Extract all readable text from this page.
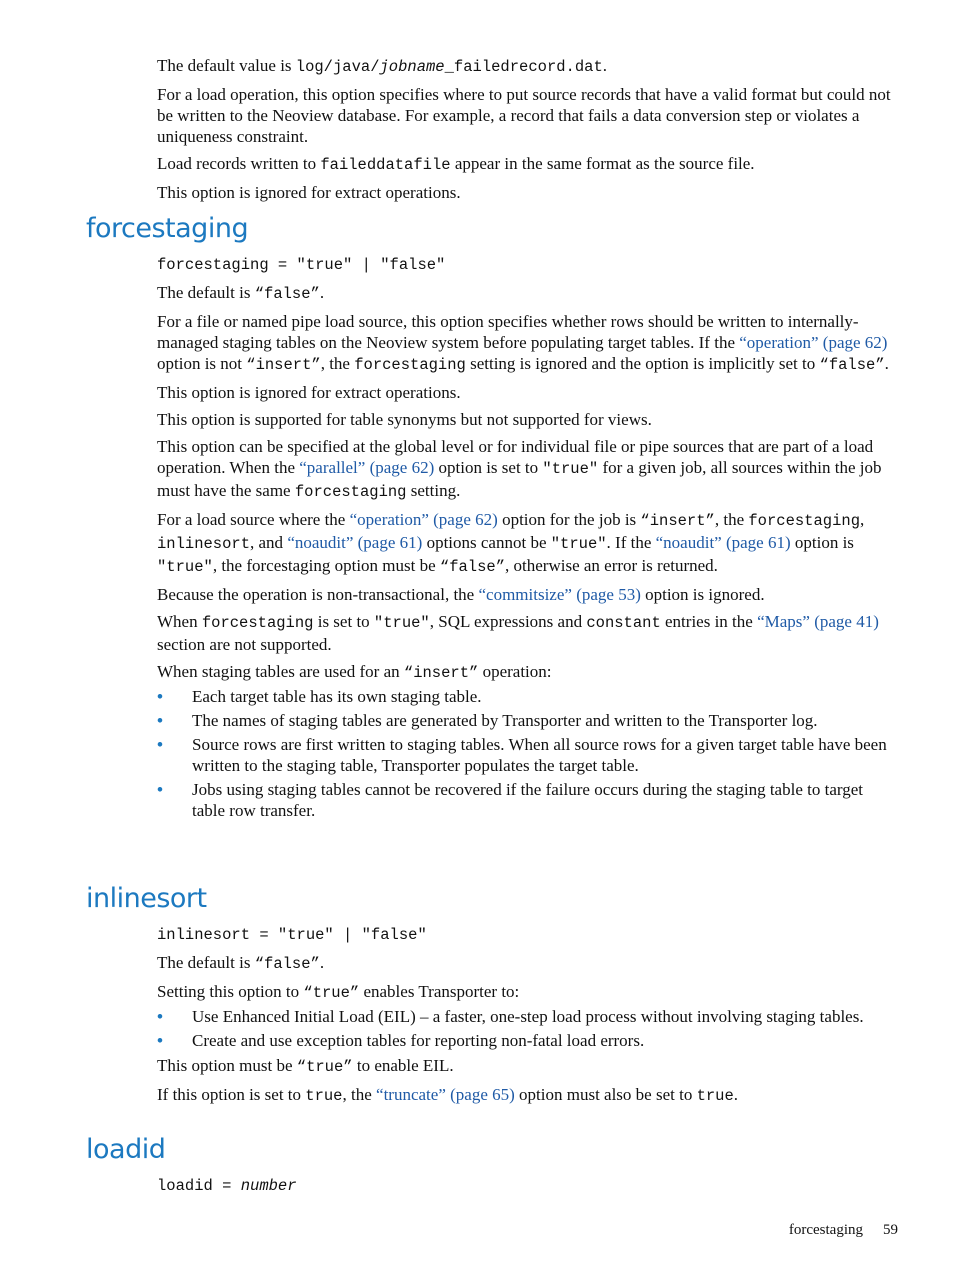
The default value is log/java/jobname_failedrecord.dat.

For a load operation, this option specifies where to put source records that have a valid format but could not be written to the Neoview database. For example, a record that fails a data conversion step or violates a uniqueness constraint.

Load records written to faileddatafile appear in the same format as the source file.

This option is ignored for extract operations.

forcestaging
forcestaging = "true" | "false"

The default is “false”.

For a file or named pipe load source, this option specifies whether rows should be written to internally-managed staging tables on the Neoview system before populating target tables. If the “operation” (page 62) option is not “insert”, the forcestaging setting is ignored and the option is implicitly set to “false”.

This option is ignored for extract operations.

This option is supported for table synonyms but not supported for views.

This option can be specified at the global level or for individual file or pipe sources that are part of a load operation. When the “parallel” (page 62) option is set to "true" for a given job, all sources within the job must have the same forcestaging setting.

For a load source where the “operation” (page 62) option for the job is “insert”, the forcestaging, inlinesort, and “noaudit” (page 61) options cannot be "true". If the “noaudit” (page 61) option is "true", the forcestaging option must be “false”, otherwise an error is returned.

Because the operation is non-transactional, the “commitsize” (page 53) option is ignored.

When forcestaging is set to "true", SQL expressions and constant entries in the “Maps” (page 41) section are not supported.

When staging tables are used for an “insert” operation:

• Each target table has its own staging table.
• The names of staging tables are generated by Transporter and written to the Transporter log.
• Source rows are first written to staging tables. When all source rows for a given target table have been written to the staging table, Transporter populates the target table.
• Jobs using staging tables cannot be recovered if the failure occurs during the staging table to target table row transfer.
inlinesort
inlinesort = "true" | "false"

The default is “false”.

Setting this option to “true” enables Transporter to:

• Use Enhanced Initial Load (EIL) – a faster, one-step load process without involving staging tables.
• Create and use exception tables for reporting non-fatal load errors.

This option must be “true” to enable EIL.

If this option is set to true, the “truncate” (page 65) option must also be set to true.

loadid
loadid = number
forcestaging 59
